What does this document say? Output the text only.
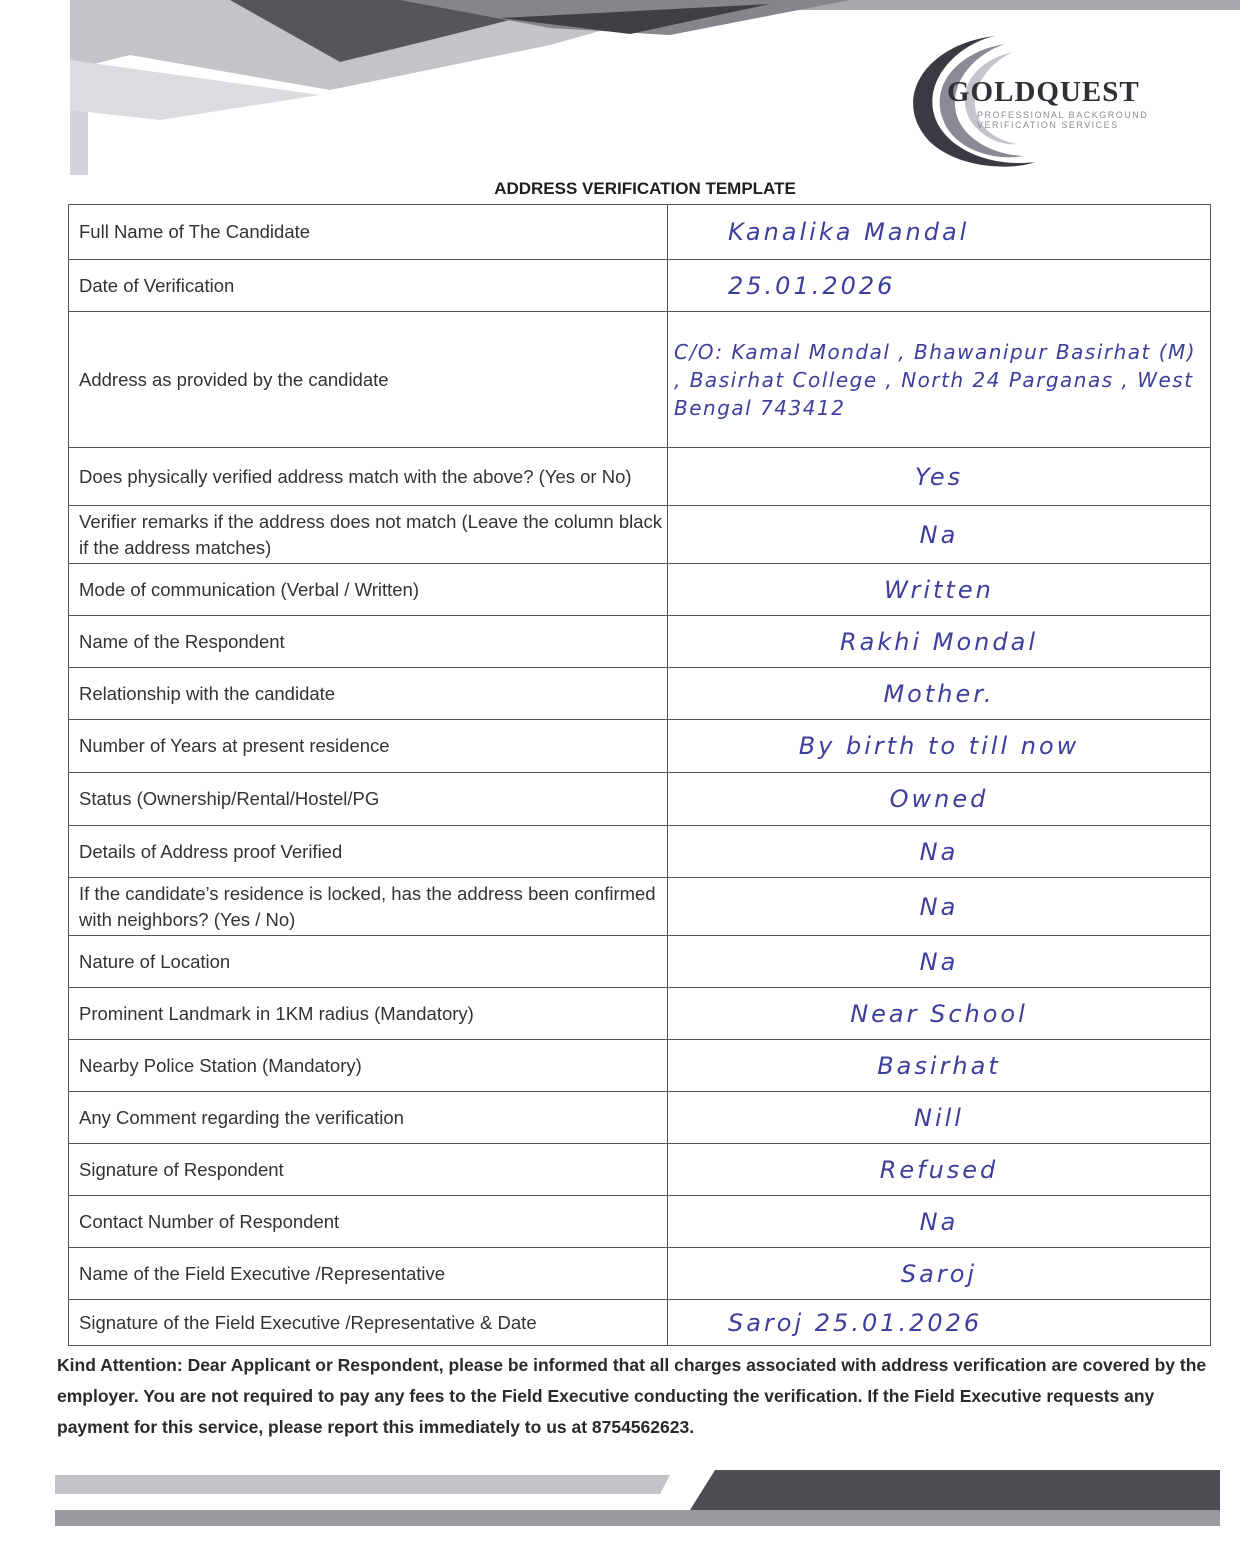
GOLDQUEST
PROFESSIONAL BACKGROUND
VERIFICATION SERVICES
ADDRESS VERIFICATION TEMPLATE
Full Name of The Candidate	Kanalika Mandal
Date of Verification	25.01.2026
Address as provided by the candidate	C/O: Kamal Mondal , Bhawanipur Basirhat (M) , Basirhat College , North 24 Parganas , West Bengal 743412
Does physically verified address match with the above? (Yes or No)	Yes
Verifier remarks if the address does not match (Leave the column black if the address matches)	Na
Mode of communication (Verbal / Written)	Written
Name of the Respondent	Rakhi Mondal
Relationship with the candidate	Mother.
Number of Years at present residence	By birth to till now
Status (Ownership/Rental/Hostel/PG	Owned
Details of Address proof Verified	Na
If the candidate’s residence is locked, has the address been confirmed with neighbors? (Yes / No)	Na
Nature of Location	Na
Prominent Landmark in 1KM radius (Mandatory)	Near School
Nearby Police Station (Mandatory)	Basirhat
Any Comment regarding the verification	Nill
Signature of Respondent	Refused
Contact Number of Respondent	Na
Name of the Field Executive /Representative	Saroj
Signature of the Field Executive /Representative & Date	Saroj 25.01.2026
Kind Attention: Dear Applicant or Respondent, please be informed that all charges associated with address verification are covered by the employer. You are not required to pay any fees to the Field Executive conducting the verification. If the Field Executive requests any payment for this service, please report this immediately to us at 8754562623.
